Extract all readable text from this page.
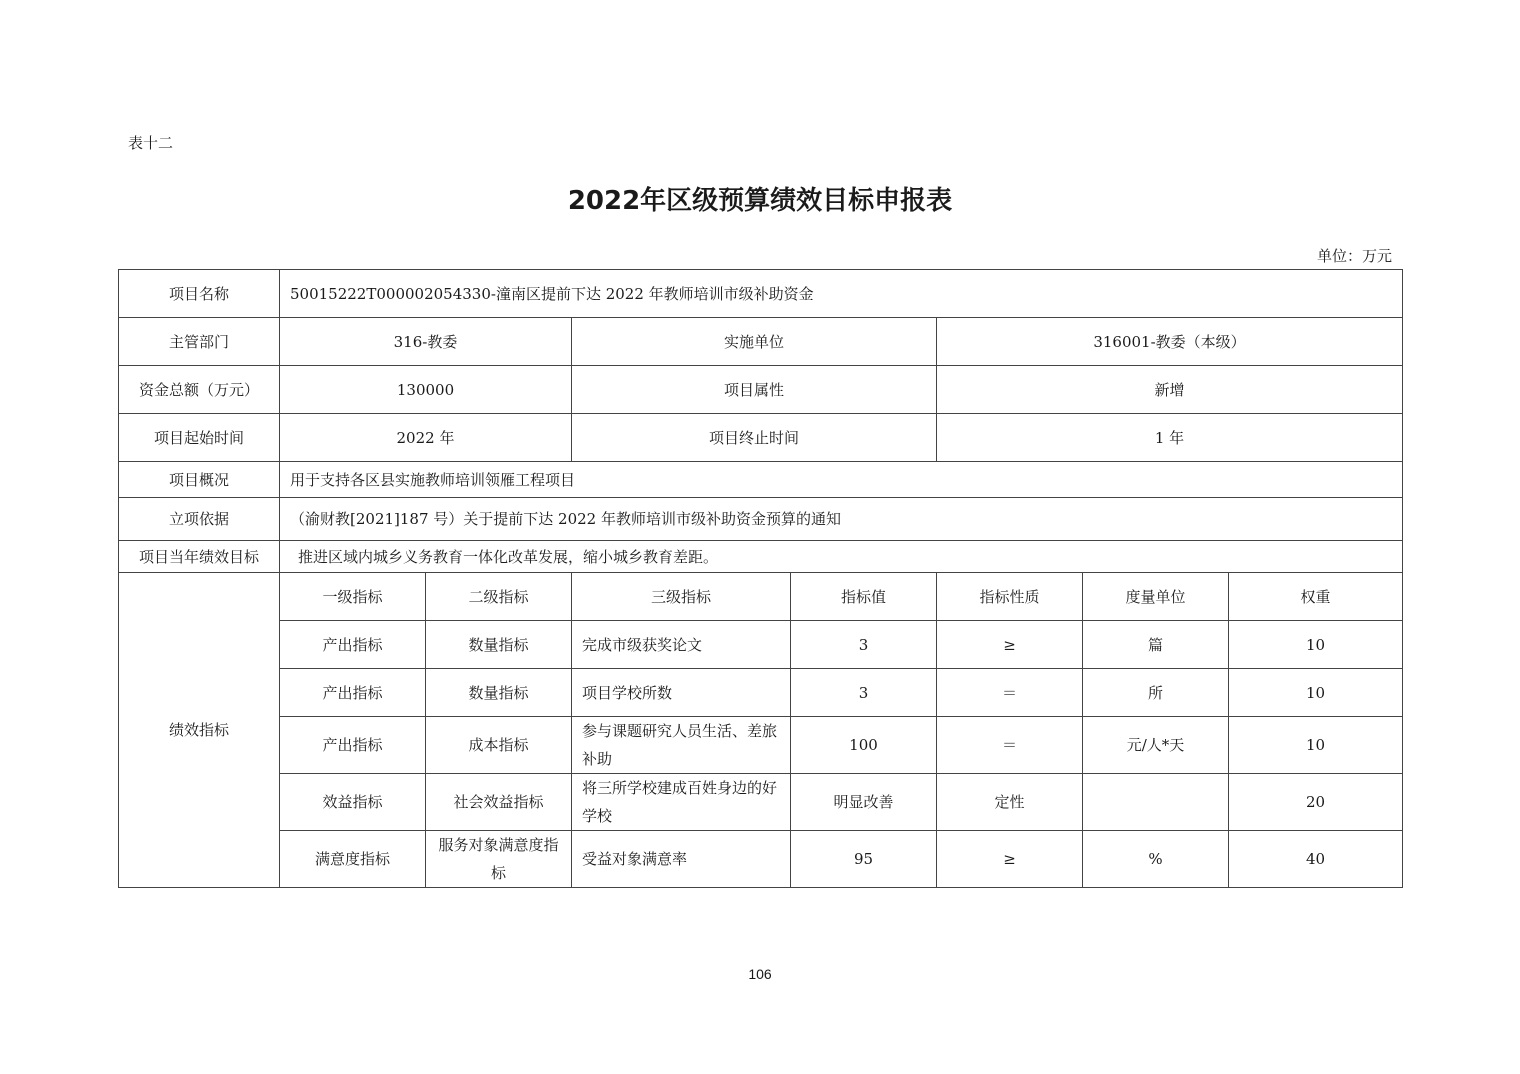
表十二
2022年区级预算绩效目标申报表
单位：万元
项目名称	50015222T000002054330-潼南区提前下达 2022 年教师培训市级补助资金						
主管部门	316-教委		实施单位		316001-教委（本级）		
资金总额（万元）	130000		项目属性		新增		
项目起始时间	2022 年		项目终止时间		1 年		
项目概况	用于支持各区县实施教师培训领雁工程项目						
立项依据	（渝财教[2021]187 号）关于提前下达 2022 年教师培训市级补助资金预算的通知						
项目当年绩效目标	推进区域内城乡义务教育一体化改革发展，缩小城乡教育差距。						
绩效指标	一级指标	二级指标	三级指标	指标值	指标性质	度量单位	权重
	产出指标	数量指标	完成市级获奖论文	3	≥	篇	10
	产出指标	数量指标	项目学校所数	3	＝	所	10
	产出指标	成本指标	参与课题研究人员生活、差旅补助	100	＝	元/人*天	10
	效益指标	社会效益指标	将三所学校建成百姓身边的好学校	明显改善	定性		20
	满意度指标	服务对象满意度指标	受益对象满意率	95	≥	%	40
106
